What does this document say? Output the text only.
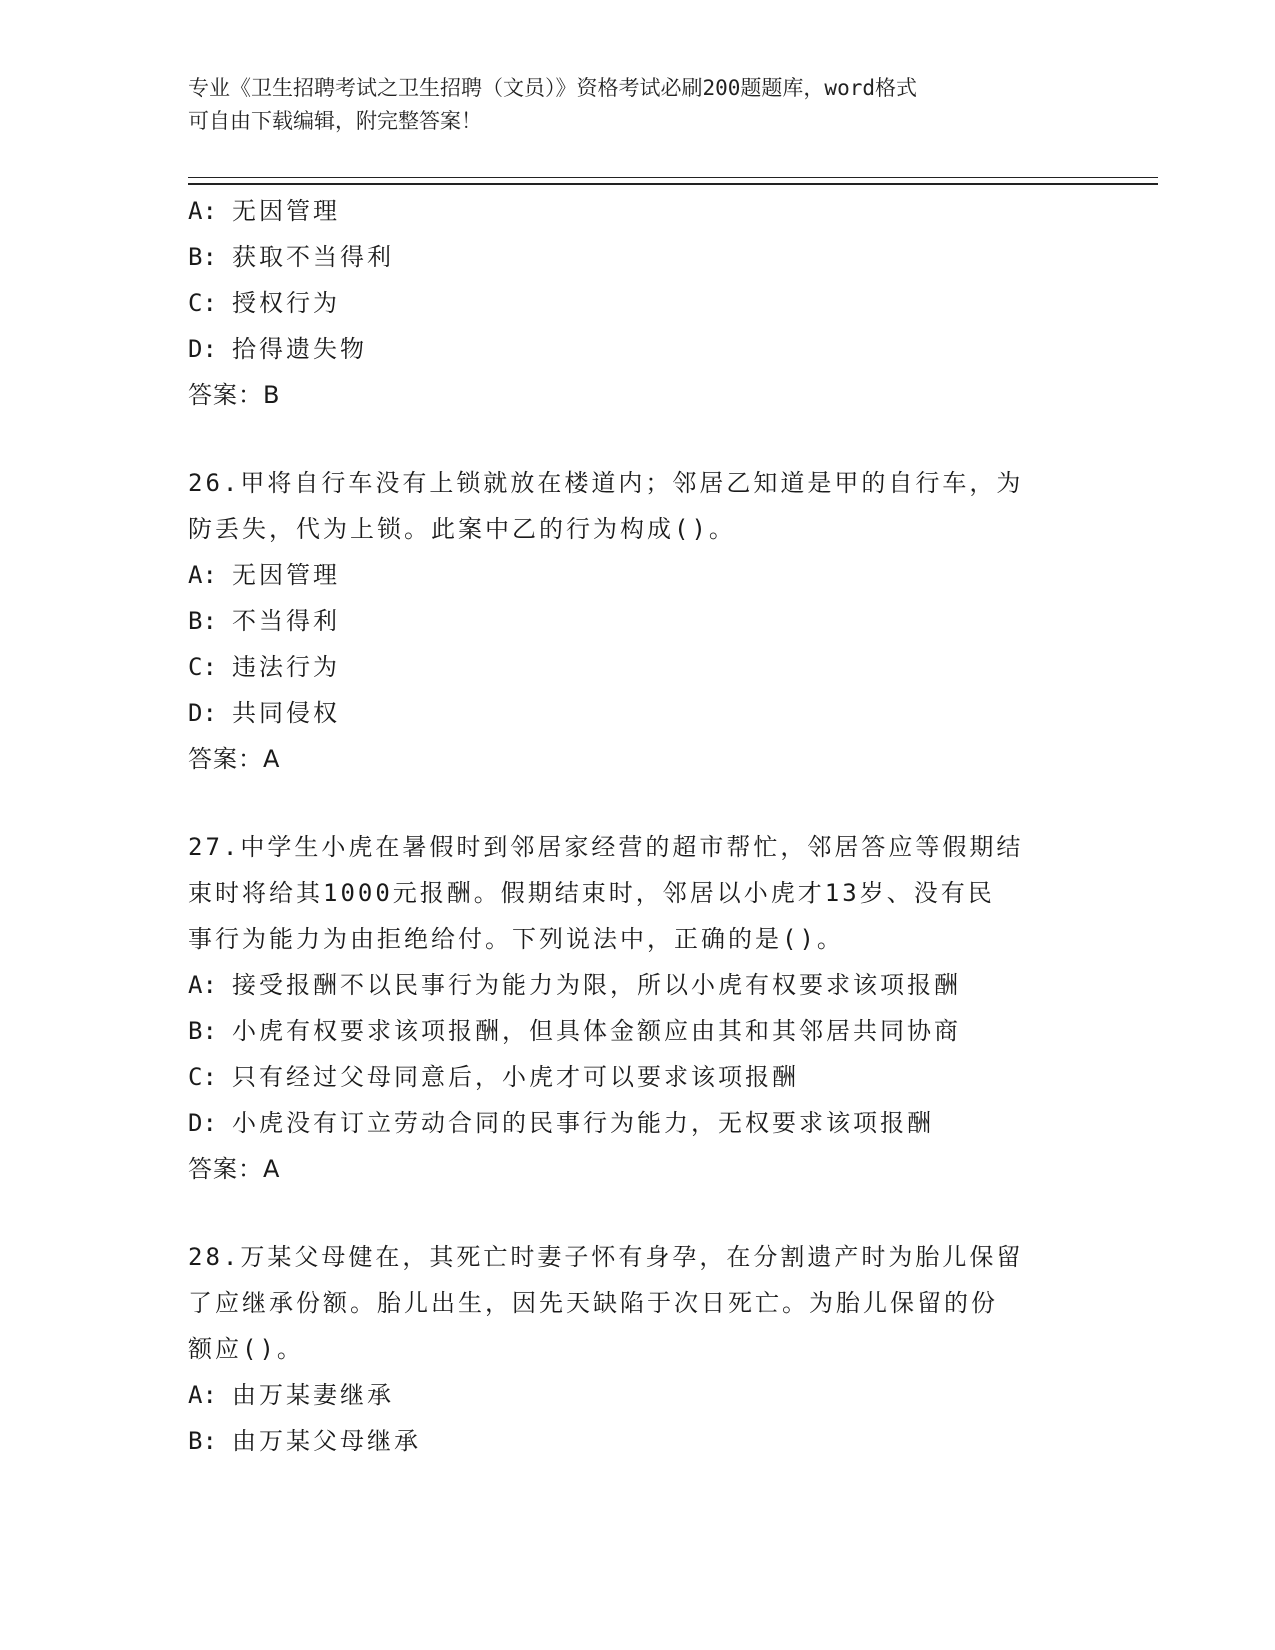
专业《卫生招聘考试之卫生招聘（文员）》资格考试必刷200题题库，word格式
可自由下载编辑，附完整答案！
A: 无因管理
B: 获取不当得利
C: 授权行为
D: 拾得遗失物
答案：B
26.甲将自行车没有上锁就放在楼道内；邻居乙知道是甲的自行车，为
防丢失，代为上锁。此案中乙的行为构成()。
A: 无因管理
B: 不当得利
C: 违法行为
D: 共同侵权
答案：A
27.中学生小虎在暑假时到邻居家经营的超市帮忙，邻居答应等假期结
束时将给其1000元报酬。假期结束时，邻居以小虎才13岁、没有民
事行为能力为由拒绝给付。下列说法中，正确的是()。
A: 接受报酬不以民事行为能力为限，所以小虎有权要求该项报酬
B: 小虎有权要求该项报酬，但具体金额应由其和其邻居共同协商
C: 只有经过父母同意后，小虎才可以要求该项报酬
D: 小虎没有订立劳动合同的民事行为能力，无权要求该项报酬
答案：A
28.万某父母健在，其死亡时妻子怀有身孕，在分割遗产时为胎儿保留
了应继承份额。胎儿出生，因先天缺陷于次日死亡。为胎儿保留的份
额应()。
A: 由万某妻继承
B: 由万某父母继承
